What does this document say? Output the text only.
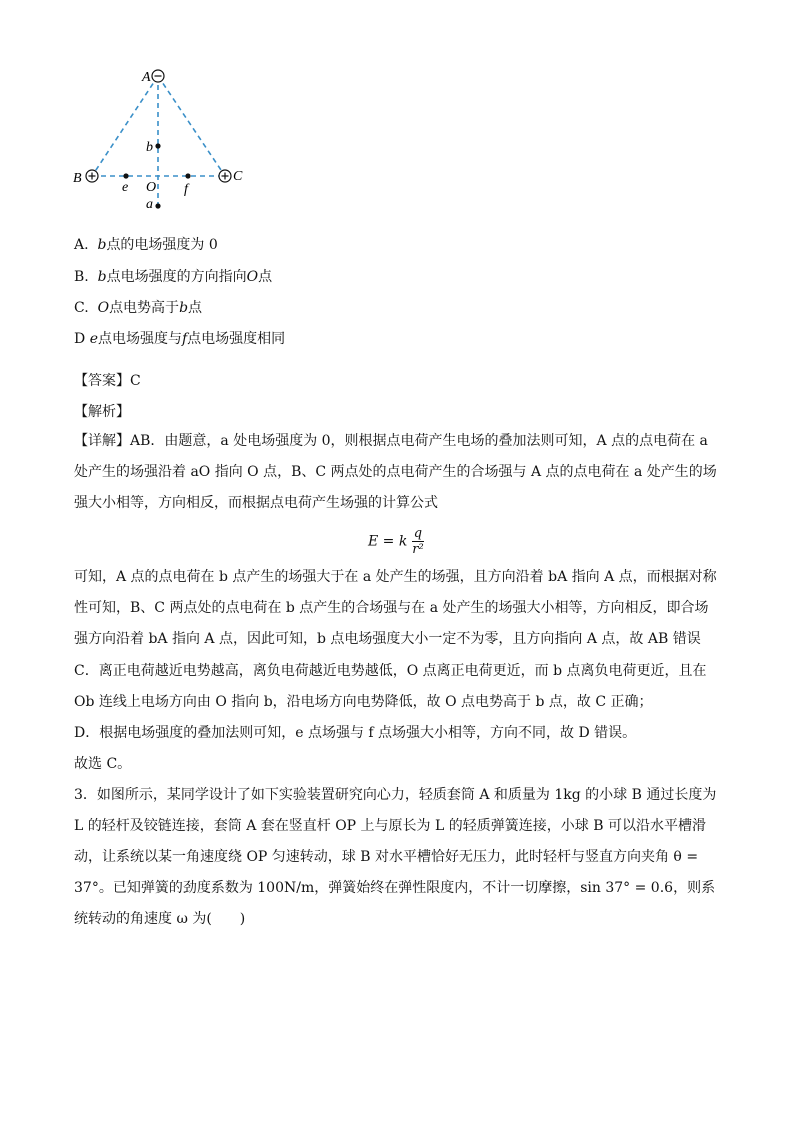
A
B	C
b
e O f
a
A. b点的电场强度为 0
B. b点电场强度的方向指向O点
C. O点电势高于b点
D e点电场强度与f点电场强度相同
【答案】C
【解析】
【详解】AB．由题意，a 处电场强度为 0，则根据点电荷产生电场的叠加法则可知，A 点的点电荷在 a 处产生的场强沿着 aO 指向 O 点，B、C 两点处的点电荷产生的合场强与 A 点的点电荷在 a 处产生的场强大小相等，方向相反，而根据点电荷产生场强的计算公式
E = k $\frac{q}{\text{r²}}$
可知，A 点的点电荷在 b 点产生的场强大于在 a 处产生的场强，且方向沿着 bA 指向 A 点，而根据对称性可知，B、C 两点处的点电荷在 b 点产生的合场强与在 a 处产生的场强大小相等，方向相反，即合场强方向沿着 bA 指向 A 点，因此可知，b 点电场强度大小一定不为零，且方向指向 A 点，故 AB 错误
C．离正电荷越近电势越高，离负电荷越近电势越低，O 点离正电荷更近，而 b 点离负电荷更近，且在 Ob 连线上电场方向由 O 指向 b，沿电场方向电势降低，故 O 点电势高于 b 点，故 C 正确；
D．根据电场强度的叠加法则可知，e 点场强与 f 点场强大小相等，方向不同，故 D 错误。
故选 C。
3．如图所示，某同学设计了如下实验装置研究向心力，轻质套筒 A 和质量为 1kg 的小球 B 通过长度为 L 的轻杆及铰链连接，套筒 A 套在竖直杆 OP 上与原长为 L 的轻质弹簧连接，小球 B 可以沿水平槽滑动，让系统以某一角速度绕 OP 匀速转动，球 B 对水平槽恰好无压力，此时轻杆与竖直方向夹角 θ = 37°。已知弹簧的劲度系数为 100N/m，弹簧始终在弹性限度内，不计一切摩擦，sin 37° = 0.6，则系统转动的角速度 ω 为(　　)
